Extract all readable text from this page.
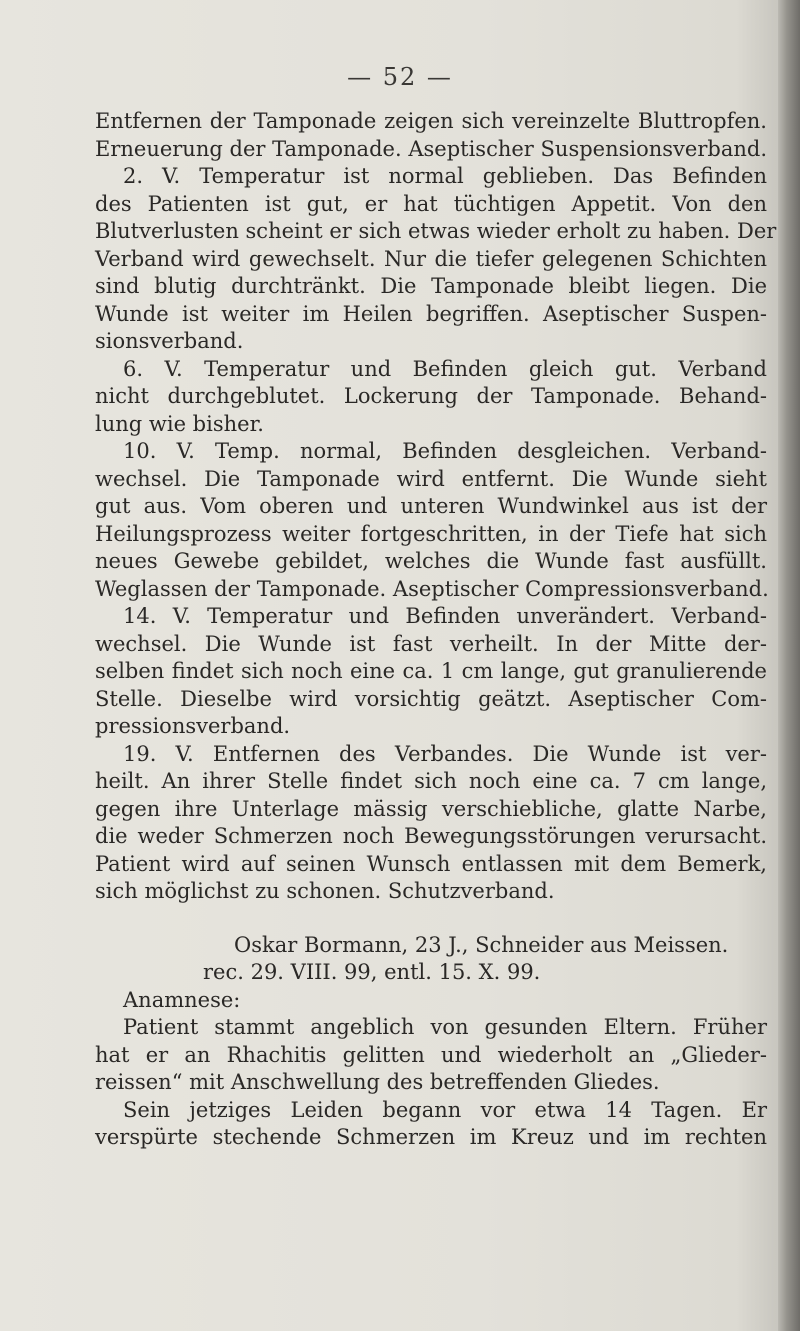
— 52 —
Entfernen der Tamponade zeigen sich vereinzelte Bluttropfen.
Erneuerung der Tamponade. Aseptischer Suspensionsverband.
2. V. Temperatur ist normal geblieben. Das Befinden
des Patienten ist gut, er hat tüchtigen Appetit. Von den
Blutverlusten scheint er sich etwas wieder erholt zu haben. Der
Verband wird gewechselt. Nur die tiefer gelegenen Schichten
sind blutig durchtränkt. Die Tamponade bleibt liegen. Die
Wunde ist weiter im Heilen begriffen. Aseptischer Suspen-
sionsverband.
6. V. Temperatur und Befinden gleich gut. Verband
nicht durchgeblutet. Lockerung der Tamponade. Behand-
lung wie bisher.
10. V. Temp. normal, Befinden desgleichen. Verband-
wechsel. Die Tamponade wird entfernt. Die Wunde sieht
gut aus. Vom oberen und unteren Wundwinkel aus ist der
Heilungsprozess weiter fortgeschritten, in der Tiefe hat sich
neues Gewebe gebildet, welches die Wunde fast ausfüllt.
Weglassen der Tamponade. Aseptischer Compressionsverband.
14. V. Temperatur und Befinden unverändert. Verband-
wechsel. Die Wunde ist fast verheilt. In der Mitte der-
selben findet sich noch eine ca. 1 cm lange, gut granulierende
Stelle. Dieselbe wird vorsichtig geätzt. Aseptischer Com-
pressionsverband.
19. V. Entfernen des Verbandes. Die Wunde ist ver-
heilt. An ihrer Stelle findet sich noch eine ca. 7 cm lange,
gegen ihre Unterlage mässig verschiebliche, glatte Narbe,
die weder Schmerzen noch Bewegungsstörungen verursacht.
Patient wird auf seinen Wunsch entlassen mit dem Bemerk,
sich möglichst zu schonen. Schutzverband.
Oskar Bormann, 23 J., Schneider aus Meissen.
rec. 29. VIII. 99, entl. 15. X. 99.
Anamnese:
Patient stammt angeblich von gesunden Eltern. Früher
hat er an Rhachitis gelitten und wiederholt an „Glieder-
reissen“ mit Anschwellung des betreffenden Gliedes.
Sein jetziges Leiden begann vor etwa 14 Tagen. Er
verspürte stechende Schmerzen im Kreuz und im rechten
